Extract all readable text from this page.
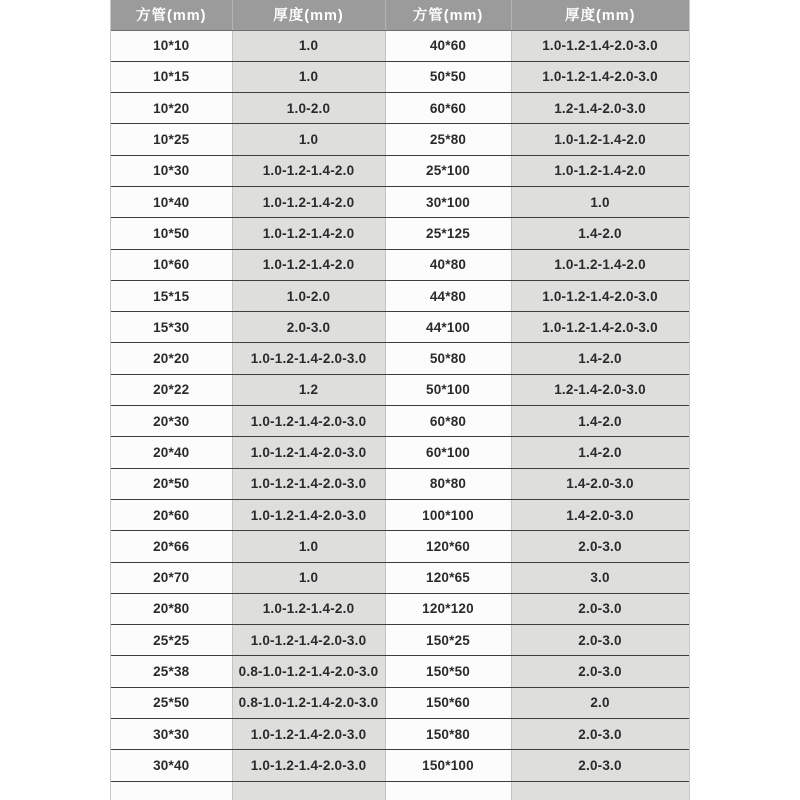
方管(mm)	厚度(mm)	方管(mm)	厚度(mm)
10*10	1.0	40*60	1.0-1.2-1.4-2.0-3.0
10*15	1.0	50*50	1.0-1.2-1.4-2.0-3.0
10*20	1.0-2.0	60*60	1.2-1.4-2.0-3.0
10*25	1.0	25*80	1.0-1.2-1.4-2.0
10*30	1.0-1.2-1.4-2.0	25*100	1.0-1.2-1.4-2.0
10*40	1.0-1.2-1.4-2.0	30*100	1.0
10*50	1.0-1.2-1.4-2.0	25*125	1.4-2.0
10*60	1.0-1.2-1.4-2.0	40*80	1.0-1.2-1.4-2.0
15*15	1.0-2.0	44*80	1.0-1.2-1.4-2.0-3.0
15*30	2.0-3.0	44*100	1.0-1.2-1.4-2.0-3.0
20*20	1.0-1.2-1.4-2.0-3.0	50*80	1.4-2.0
20*22	1.2	50*100	1.2-1.4-2.0-3.0
20*30	1.0-1.2-1.4-2.0-3.0	60*80	1.4-2.0
20*40	1.0-1.2-1.4-2.0-3.0	60*100	1.4-2.0
20*50	1.0-1.2-1.4-2.0-3.0	80*80	1.4-2.0-3.0
20*60	1.0-1.2-1.4-2.0-3.0	100*100	1.4-2.0-3.0
20*66	1.0	120*60	2.0-3.0
20*70	1.0	120*65	3.0
20*80	1.0-1.2-1.4-2.0	120*120	2.0-3.0
25*25	1.0-1.2-1.4-2.0-3.0	150*25	2.0-3.0
25*38	0.8-1.0-1.2-1.4-2.0-3.0	150*50	2.0-3.0
25*50	0.8-1.0-1.2-1.4-2.0-3.0	150*60	2.0
30*30	1.0-1.2-1.4-2.0-3.0	150*80	2.0-3.0
30*40	1.0-1.2-1.4-2.0-3.0	150*100	2.0-3.0
